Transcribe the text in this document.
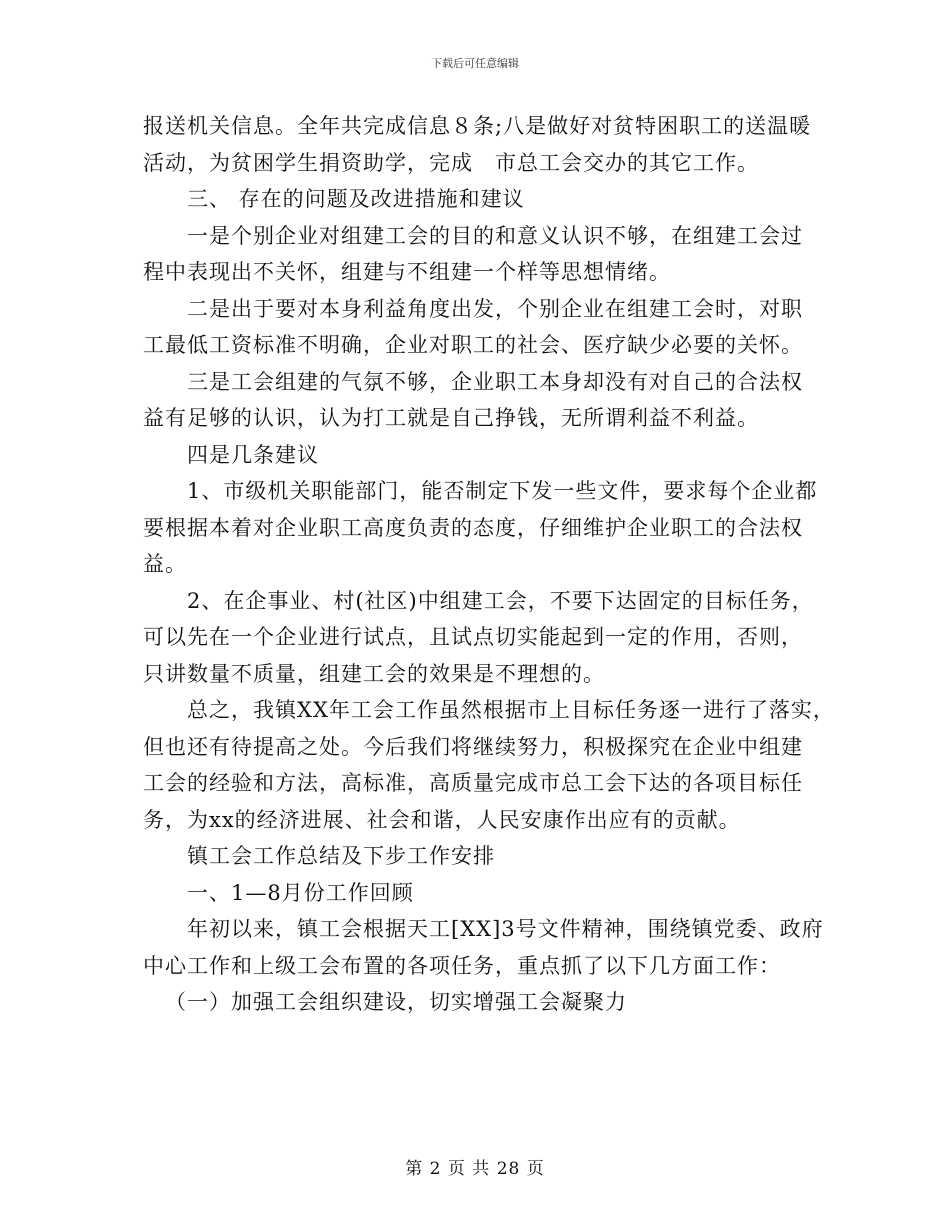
下载后可任意编辑
报送机关信息。全年共完成信息８条;八是做好对贫特困职工的送温暖
活动，为贫困学生捐资助学，完成　市总工会交办的其它工作。
三、 存在的问题及改进措施和建议
一是个别企业对组建工会的目的和意义认识不够，在组建工会过
程中表现出不关怀，组建与不组建一个样等思想情绪。
二是出于要对本身利益角度出发，个别企业在组建工会时，对职
工最低工资标准不明确，企业对职工的社会、医疗缺少必要的关怀。
三是工会组建的气氛不够，企业职工本身却没有对自己的合法权
益有足够的认识，认为打工就是自己挣钱，无所谓利益不利益。
四是几条建议
1、市级机关职能部门，能否制定下发一些文件，要求每个企业都
要根据本着对企业职工高度负责的态度，仔细维护企业职工的合法权
益。
2、在企事业、村(社区)中组建工会，不要下达固定的目标任务，
可以先在一个企业进行试点，且试点切实能起到一定的作用，否则，
只讲数量不质量，组建工会的效果是不理想的。
总之，我镇XX年工会工作虽然根据市上目标任务逐一进行了落实，
但也还有待提高之处。今后我们将继续努力，积极探究在企业中组建
工会的经验和方法，高标准，高质量完成市总工会下达的各项目标任
务，为xx的经济进展、社会和谐，人民安康作出应有的贡献。
镇工会工作总结及下步工作安排
一、1—8月份工作回顾
年初以来，镇工会根据天工[XX]3号文件精神，围绕镇党委、政府
中心工作和上级工会布置的各项任务，重点抓了以下几方面工作：
（一）加强工会组织建设，切实增强工会凝聚力
第 2 页 共 28 页
